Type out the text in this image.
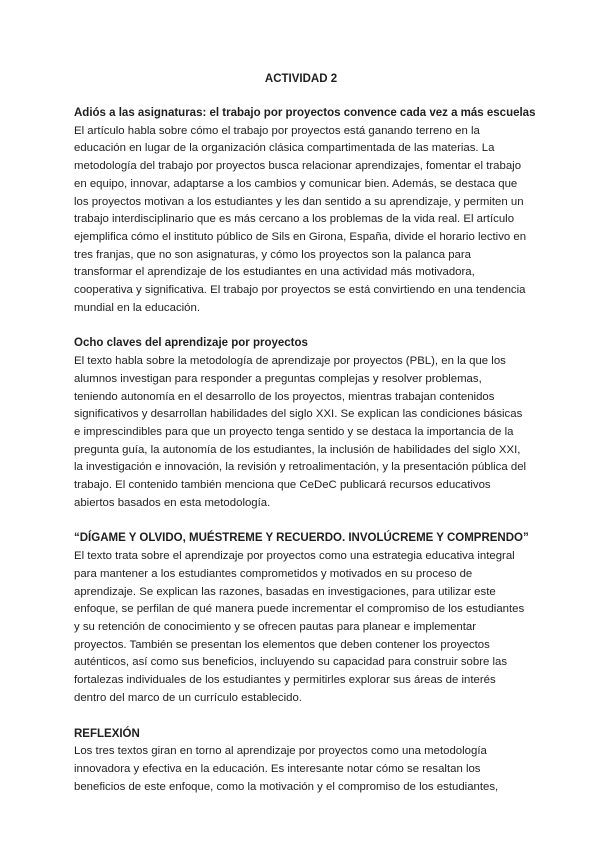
ACTIVIDAD 2

Adiós a las asignaturas: el trabajo por proyectos convence cada vez a más escuelas

El artículo habla sobre cómo el trabajo por proyectos está ganando terreno en la educación en lugar de la organización clásica compartimentada de las materias. La metodología del trabajo por proyectos busca relacionar aprendizajes, fomentar el trabajo en equipo, innovar, adaptarse a los cambios y comunicar bien. Además, se destaca que los proyectos motivan a los estudiantes y les dan sentido a su aprendizaje, y permiten un trabajo interdisciplinario que es más cercano a los problemas de la vida real. El artículo ejemplifica cómo el instituto público de Sils en Girona, España, divide el horario lectivo en tres franjas, que no son asignaturas, y cómo los proyectos son la palanca para transformar el aprendizaje de los estudiantes en una actividad más motivadora, cooperativa y significativa. El trabajo por proyectos se está convirtiendo en una tendencia mundial en la educación.

Ocho claves del aprendizaje por proyectos

El texto habla sobre la metodología de aprendizaje por proyectos (PBL), en la que los alumnos investigan para responder a preguntas complejas y resolver problemas, teniendo autonomía en el desarrollo de los proyectos, mientras trabajan contenidos significativos y desarrollan habilidades del siglo XXI. Se explican las condiciones básicas e imprescindibles para que un proyecto tenga sentido y se destaca la importancia de la pregunta guía, la autonomía de los estudiantes, la inclusión de habilidades del siglo XXI, la investigación e innovación, la revisión y retroalimentación, y la presentación pública del trabajo. El contenido también menciona que CeDeC publicará recursos educativos abiertos basados en esta metodología.

“DÍGAME Y OLVIDO, MUÉSTREME Y RECUERDO. INVOLÚCREME Y COMPRENDO”

El texto trata sobre el aprendizaje por proyectos como una estrategia educativa integral para mantener a los estudiantes comprometidos y motivados en su proceso de aprendizaje. Se explican las razones, basadas en investigaciones, para utilizar este enfoque, se perfilan de qué manera puede incrementar el compromiso de los estudiantes y su retención de conocimiento y se ofrecen pautas para planear e implementar proyectos. También se presentan los elementos que deben contener los proyectos auténticos, así como sus beneficios, incluyendo su capacidad para construir sobre las fortalezas individuales de los estudiantes y permitirles explorar sus áreas de interés dentro del marco de un currículo establecido.

REFLEXIÓN

Los tres textos giran en torno al aprendizaje por proyectos como una metodología innovadora y efectiva en la educación. Es interesante notar cómo se resaltan los beneficios de este enfoque, como la motivación y el compromiso de los estudiantes,
